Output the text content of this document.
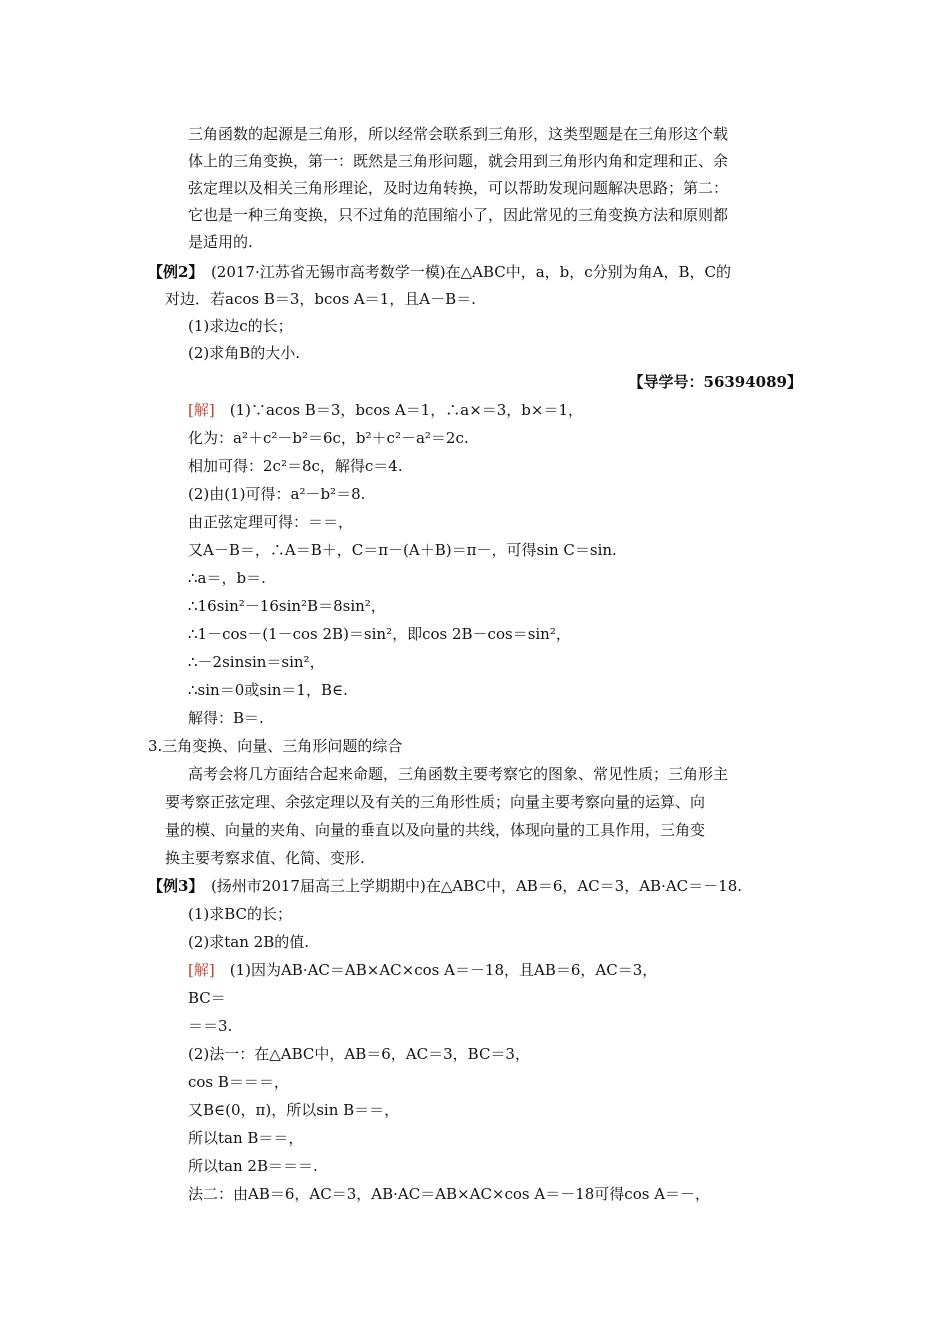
三角函数的起源是三角形，所以经常会联系到三角形，这类型题是在三角形这个载
体上的三角变换，第一：既然是三角形问题，就会用到三角形内角和定理和正、余
弦定理以及相关三角形理论，及时边角转换，可以帮助发现问题解决思路；第二：
它也是一种三角变换，只不过角的范围缩小了，因此常见的三角变换方法和原则都
是适用的.
【例2】　(2017·江苏省无锡市高考数学一模)在△ABC中，a，b，c分别为角A，B，C的
对边．若acos B＝3，bcos A＝1，且A－B＝.
(1)求边c的长；
(2)求角B的大小.
【导学号：56394089】
[解]　(1)∵acos B＝3，bcos A＝1，∴a×＝3，b×＝1，
化为：a²＋c²－b²＝6c，b²＋c²－a²＝2c.
相加可得：2c²＝8c，解得c＝4.
(2)由(1)可得：a²－b²＝8.
由正弦定理可得：＝＝，
又A－B＝，∴A＝B＋，C＝π－(A＋B)＝π－，可得sin C＝sin.
∴a＝，b＝.
∴16sin²－16sin²B＝8sin²，
∴1－cos－(1－cos 2B)＝sin²，即cos 2B－cos＝sin²，
∴－2sinsin＝sin²，
∴sin＝0或sin＝1，B∈.
解得：B＝.
3.三角变换、向量、三角形问题的综合
高考会将几方面结合起来命题，三角函数主要考察它的图象、常见性质；三角形主
要考察正弦定理、余弦定理以及有关的三角形性质；向量主要考察向量的运算、向
量的模、向量的夹角、向量的垂直以及向量的共线，体现向量的工具作用，三角变
换主要考察求值、化简、变形.
【例3】　(扬州市2017届高三上学期期中)在△ABC中，AB＝6，AC＝3，AB·AC＝－18.
(1)求BC的长；
(2)求tan 2B的值.
[解]　(1)因为AB·AC＝AB×AC×cos A＝－18，且AB＝6，AC＝3，
BC＝
＝＝3.
(2)法一：在△ABC中，AB＝6，AC＝3，BC＝3，
cos B＝＝＝，
又B∈(0，π)，所以sin B＝＝，
所以tan B＝＝，
所以tan 2B＝＝＝.
法二：由AB＝6，AC＝3，AB·AC＝AB×AC×cos A＝－18可得cos A＝－，
